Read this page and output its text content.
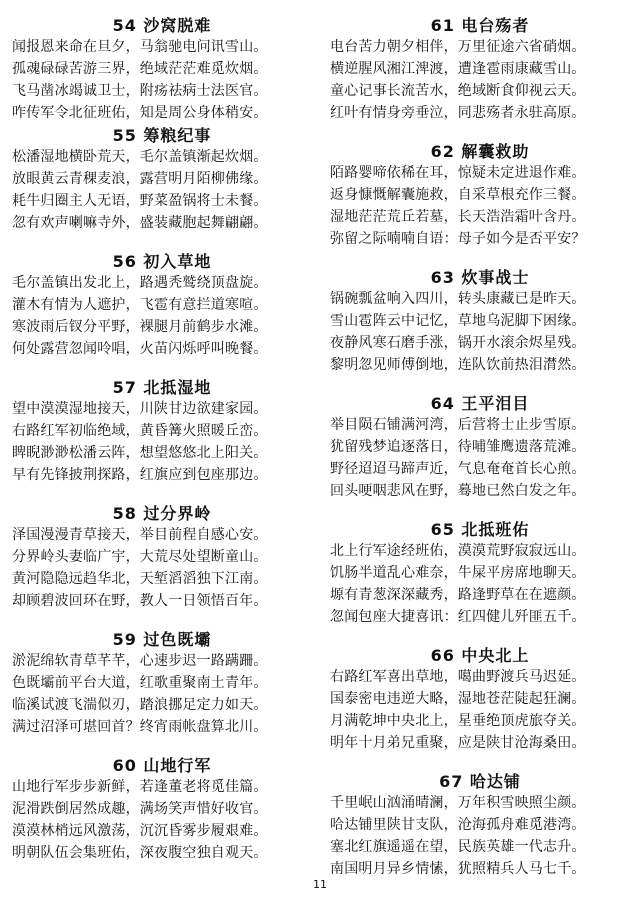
54 沙窝脱难
闻报恩来命在旦夕，马翁驰电问讯雪山。
孤魂碌碌苦游三界，绝域茫茫难觅炊烟。
飞马凿冰竭诚卫士，附疡祛病士法医官。
咋传军令北征班佑，知是周公身体稍安。
55 筹粮纪事
松潘湿地横卧荒天，毛尔盖镇渐起炊烟。
放眼黄云青稞麦浪，露营明月陌柳佛缘。
耗牛归圈主人无语，野菜盈锅将士未餐。
忽有欢声喇嘛寺外，盛装藏胞起舞翩翩。
56 初入草地
毛尔盖镇出发北上，路遇秃鹫绕顶盘旋。
灌木有情为人遮护，飞雹有意拦道寒喧。
寒波雨后钗分平野，裸腿月前鹤步水滩。
何处露营忽闻呤唱，火苗闪烁呼叫晚餐。
57 北抵湿地
望中漠漠湿地接天，川陕甘边欲建家园。
右路红军初临绝域，黄昏篝火照暖丘峦。
睥睨渺渺松潘云阵，想望悠悠北上阳关。
早有先锋披荆探路，红旗应到包座那边。
58 过分界岭
泽国漫漫青草接天，举目前程自感心安。
分界岭头妻临广宇，大荒尽处望断童山。
黄河隐隐远趋华北，天堑滔滔独下江南。
却顾碧波回环在野，教人一日领悟百年。
59 过色既壩
淤泥绵软青草芊芊，心速步迟一路蹒跚。
色既壩前平台大道，红歌重聚南土青年。
临溪试渡飞湍似刃，踏浪挪足定力如天。
满过沼泽可堪回首？终宵雨帐盘算北川。
60 山地行军
山地行军步步新鲜，若逢董老将觅佳篇。
泥滑跌倒居然成趣，满场笑声惜好收官。
漠漠林梢远风激荡，沉沉昏雾步履艰难。
明朝队伍会集班佑，深夜腹空独自观天。
61 电台殇者
电台苦力朝夕相伴，万里征途六省硝烟。
横逆腥风湘江渒渡，遭逢雹雨康藏雪山。
童心记事长流苦水，绝域断食仰视云天。
红叶有情身旁垂泣，同悲殇者永驻高原。
62 解囊救助
陌路婴啼依稀在耳，惊疑未定进退作难。
返身慷慨解囊施救，自采草根充作三餐。
湿地茫茫荒丘若墓，长天浩浩霜叶含丹。
弥留之际喃喃自语：母子如今是否平安？
63 炊事战士
锅碗瓢盆响入四川，转头康藏已是昨天。
雪山雹阵云中记忆，草地乌泥脚下困缘。
夜静风寒石磨手涨，锅开水滚余烬星残。
黎明忽见师傅倒地，连队饮前热泪潸然。
64 王平泪目
举目陨石铺满河湾，后营将士止步雪原。
犹留残梦追逐落日，待哺雏鹰遗落荒滩。
野径迢迢马蹄声近，气息奄奄首长心煎。
回头哽咽悲风在野，蓦地已然白发之年。
65 北抵班佑
北上行军途经班佑，漠漠荒野寂寂远山。
饥肠半道乱心难奈，牛屎平房席地聊天。
塬有青葱深深藏秀，路逢野草在在遮颜。
忽闻包座大捷喜讯：红四健儿歼匪五千。
66 中央北上
右路红军喜出草地，噶曲野渡兵马迟延。
国泰密电违逆大略，湿地苍茫陡起狂澜。
月满乾坤中央北上，星垂绝顶虎旅夺关。
明年十月弟兄重聚，应是陕甘沧海桑田。
67 哈达铺
千里岷山汹涌晴澜，万年积雪映照尘颜。
哈达铺里陕甘支队，沧海孤舟难觅港湾。
塞北红旗遥遥在望，民族英雄一代志升。
南国明月异乡情愫，犹照精兵人马七千。
11
